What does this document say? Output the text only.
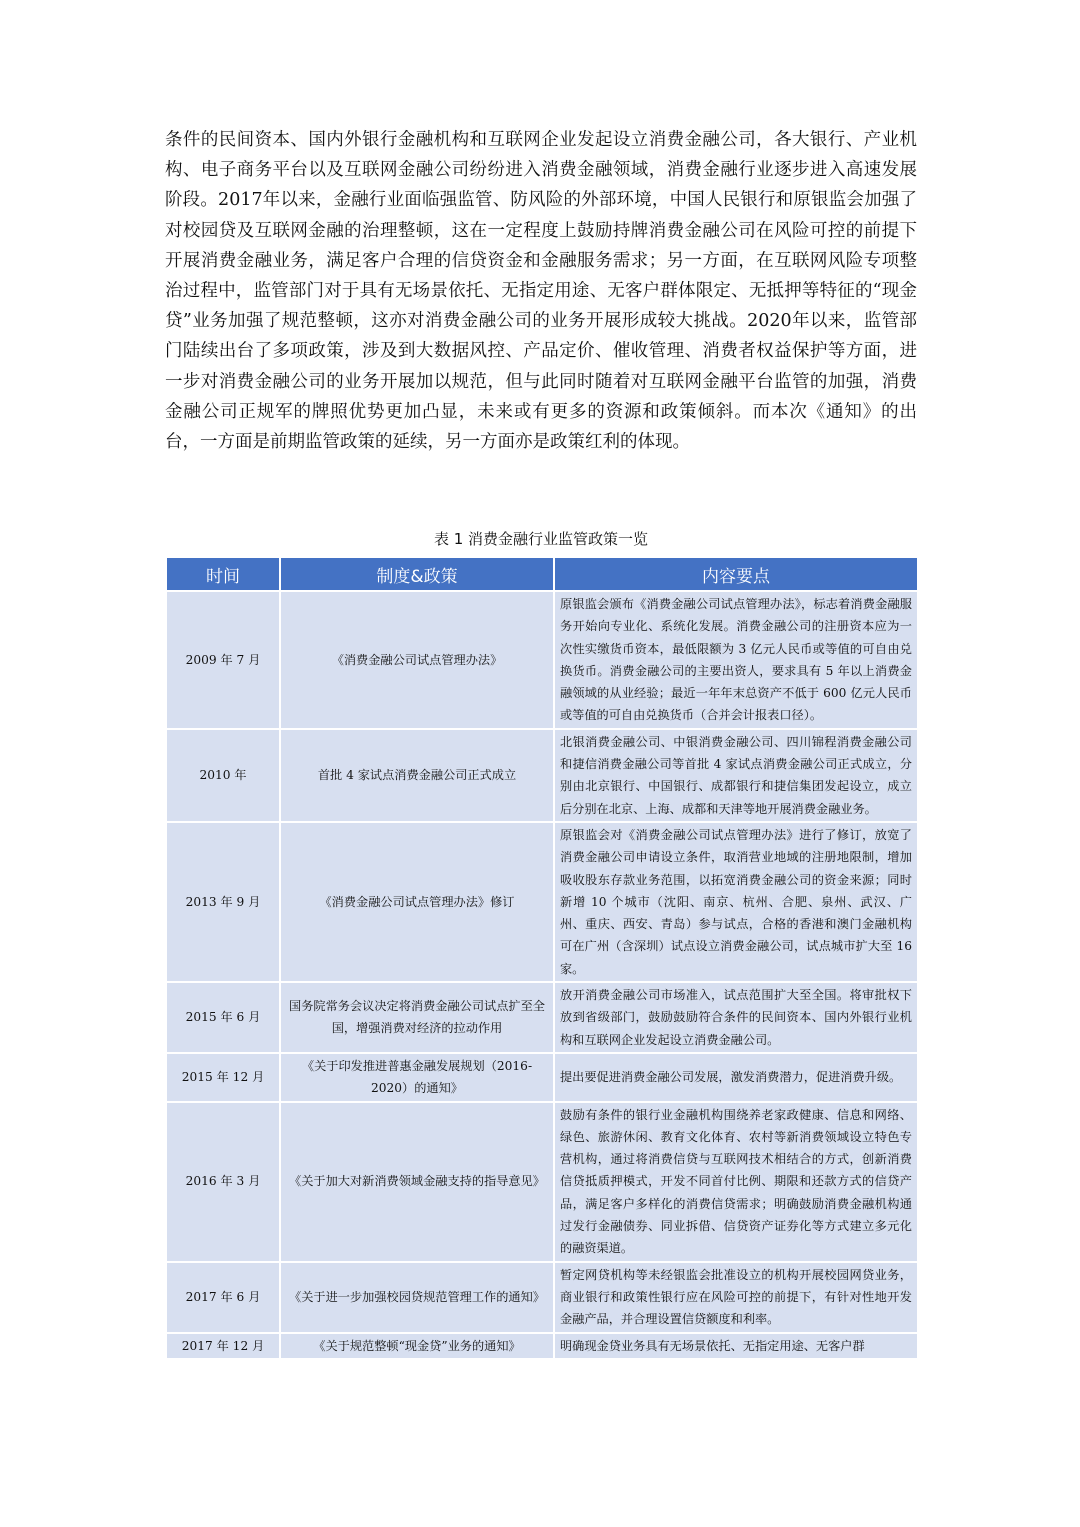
条件的民间资本、国内外银行金融机构和互联网企业发起设立消费金融公司，各大银行、产业机构、电子商务平台以及互联网金融公司纷纷进入消费金融领域，消费金融行业逐步进入高速发展阶段。2017年以来，金融行业面临强监管、防风险的外部环境，中国人民银行和原银监会加强了对校园贷及互联网金融的治理整顿，这在一定程度上鼓励持牌消费金融公司在风险可控的前提下开展消费金融业务，满足客户合理的信贷资金和金融服务需求；另一方面，在互联网风险专项整治过程中，监管部门对于具有无场景依托、无指定用途、无客户群体限定、无抵押等特征的“现金贷”业务加强了规范整顿，这亦对消费金融公司的业务开展形成较大挑战。2020年以来，监管部门陆续出台了多项政策，涉及到大数据风控、产品定价、催收管理、消费者权益保护等方面，进一步对消费金融公司的业务开展加以规范，但与此同时随着对互联网金融平台监管的加强，消费金融公司正规军的牌照优势更加凸显，未来或有更多的资源和政策倾斜。而本次《通知》的出台，一方面是前期监管政策的延续，另一方面亦是政策红利的体现。
表 1 消费金融行业监管政策一览
时间	制度&政策	内容要点
2009 年 7 月	《消费金融公司试点管理办法》	原银监会颁布《消费金融公司试点管理办法》，标志着消费金融服务开始向专业化、系统化发展。消费金融公司的注册资本应为一次性实缴货币资本，最低限额为 3 亿元人民币或等值的可自由兑换货币。消费金融公司的主要出资人，要求具有 5 年以上消费金融领域的从业经验；最近一年年末总资产不低于 600 亿元人民币或等值的可自由兑换货币（合并会计报表口径）。
2010 年	首批 4 家试点消费金融公司正式成立	北银消费金融公司、中银消费金融公司、四川锦程消费金融公司和捷信消费金融公司等首批 4 家试点消费金融公司正式成立，分别由北京银行、中国银行、成都银行和捷信集团发起设立，成立后分别在北京、上海、成都和天津等地开展消费金融业务。
2013 年 9 月	《消费金融公司试点管理办法》修订	原银监会对《消费金融公司试点管理办法》进行了修订，放宽了消费金融公司申请设立条件，取消营业地域的注册地限制，增加吸收股东存款业务范围，以拓宽消费金融公司的资金来源；同时新增 10 个城市（沈阳、南京、杭州、合肥、泉州、武汉、广州、重庆、西安、青岛）参与试点，合格的香港和澳门金融机构可在广州（含深圳）试点设立消费金融公司，试点城市扩大至 16 家。
2015 年 6 月	国务院常务会议决定将消费金融公司试点扩至全国，增强消费对经济的拉动作用	放开消费金融公司市场准入，试点范围扩大至全国。将审批权下放到省级部门，鼓励鼓励符合条件的民间资本、国内外银行业机构和互联网企业发起设立消费金融公司。
2015 年 12 月	《关于印发推进普惠金融发展规划（2016-2020）的通知》	提出要促进消费金融公司发展，激发消费潜力，促进消费升级。
2016 年 3 月	《关于加大对新消费领域金融支持的指导意见》	鼓励有条件的银行业金融机构围绕养老家政健康、信息和网络、绿色、旅游休闲、教育文化体育、农村等新消费领域设立特色专营机构，通过将消费信贷与互联网技术相结合的方式，创新消费信贷抵质押模式，开发不同首付比例、期限和还款方式的信贷产品，满足客户多样化的消费信贷需求；明确鼓励消费金融机构通过发行金融债券、同业拆借、信贷资产证券化等方式建立多元化的融资渠道。
2017 年 6 月	《关于进一步加强校园贷规范管理工作的通知》	暂定网贷机构等未经银监会批准设立的机构开展校园网贷业务，商业银行和政策性银行应在风险可控的前提下，有针对性地开发金融产品，并合理设置信贷额度和利率。
2017 年 12 月	《关于规范整顿“现金贷”业务的通知》	明确现金贷业务具有无场景依托、无指定用途、无客户群
